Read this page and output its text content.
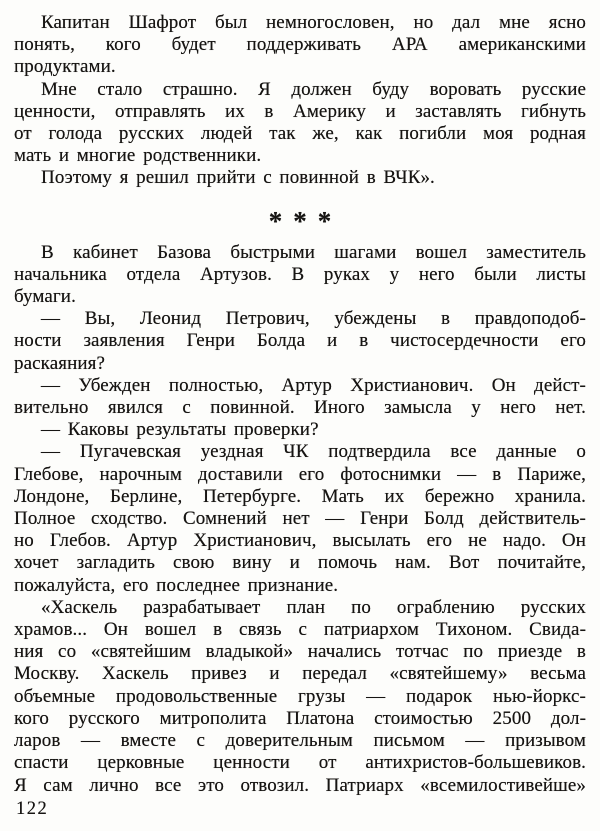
Капитан Шафрот был немногословен, но дал мне ясно
понять, кого будет поддерживать АРА американскими
продуктами.
Мне стало страшно. Я должен буду воровать русские
ценности, отправлять их в Америку и заставлять гибнуть
от голода русских людей так же, как погибли моя родная
мать и многие родственники.
Поэтому я решил прийти с повинной в ВЧК».
***
В кабинет Базова быстрыми шагами вошел заместитель
начальника отдела Артузов. В руках у него были листы
бумаги.
— Вы, Леонид Петрович, убеждены в правдоподоб-
ности заявления Генри Болда и в чистосердечности его
раскаяния?
— Убежден полностью, Артур Христианович. Он дейст-
вительно явился с повинной. Иного замысла у него нет.
— Каковы результаты проверки?
— Пугачевская уездная ЧК подтвердила все данные о
Глебове, нарочным доставили его фотоснимки — в Париже,
Лондоне, Берлине, Петербурге. Мать их бережно хранила.
Полное сходство. Сомнений нет — Генри Болд действитель-
но Глебов. Артур Христианович, высылать его не надо. Он
хочет загладить свою вину и помочь нам. Вот почитайте,
пожалуйста, его последнее признание.
«Хаскель разрабатывает план по ограблению русских
храмов... Он вошел в связь с патриархом Тихоном. Свида-
ния со «святейшим владыкой» начались тотчас по приезде в
Москву. Хаскель привез и передал «святейшему» весьма
объемные продовольственные грузы — подарок нью-йоркс-
кого русского митрополита Платона стоимостью 2500 дол-
ларов — вместе с доверительным письмом — призывом
спасти церковные ценности от антихристов-большевиков.
Я сам лично все это отвозил. Патриарх «всемилостивейше»
122
